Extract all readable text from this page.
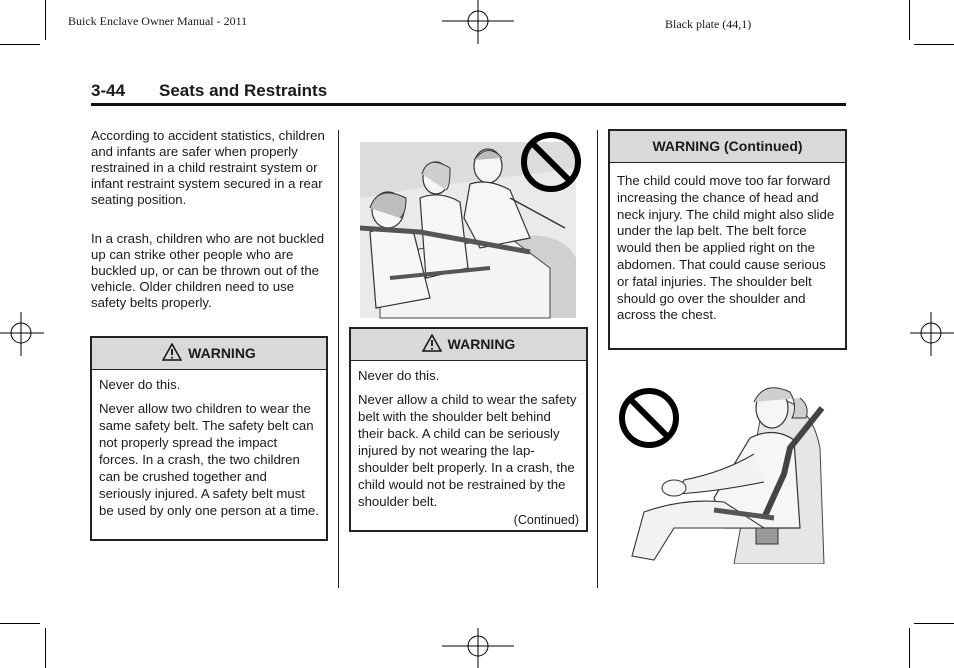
Buick Enclave Owner Manual - 2011	Black plate (44,1)
3-44 Seats and Restraints
According to accident statistics, children and infants are safer when properly restrained in a child restraint system or infant restraint system secured in a rear seating position.
In a crash, children who are not buckled up can strike other people who are buckled up, or can be thrown out of the vehicle. Older children need to use safety belts properly.
WARNING

Never do this.

Never allow two children to wear the same safety belt. The safety belt can not properly spread the impact forces. In a crash, the two children can be crushed together and seriously injured. A safety belt must be used by only one person at a time.

WARNING

Never do this.

Never allow a child to wear the safety belt with the shoulder belt behind their back. A child can be seriously injured by not wearing the lap-shoulder belt properly. In a crash, the child would not be restrained by the shoulder belt.

(Continued)
WARNING (Continued)

The child could move too far forward increasing the chance of head and neck injury. The child might also slide under the lap belt. The belt force would then be applied right on the abdomen. That could cause serious or fatal injuries. The shoulder belt should go over the shoulder and across the chest.
